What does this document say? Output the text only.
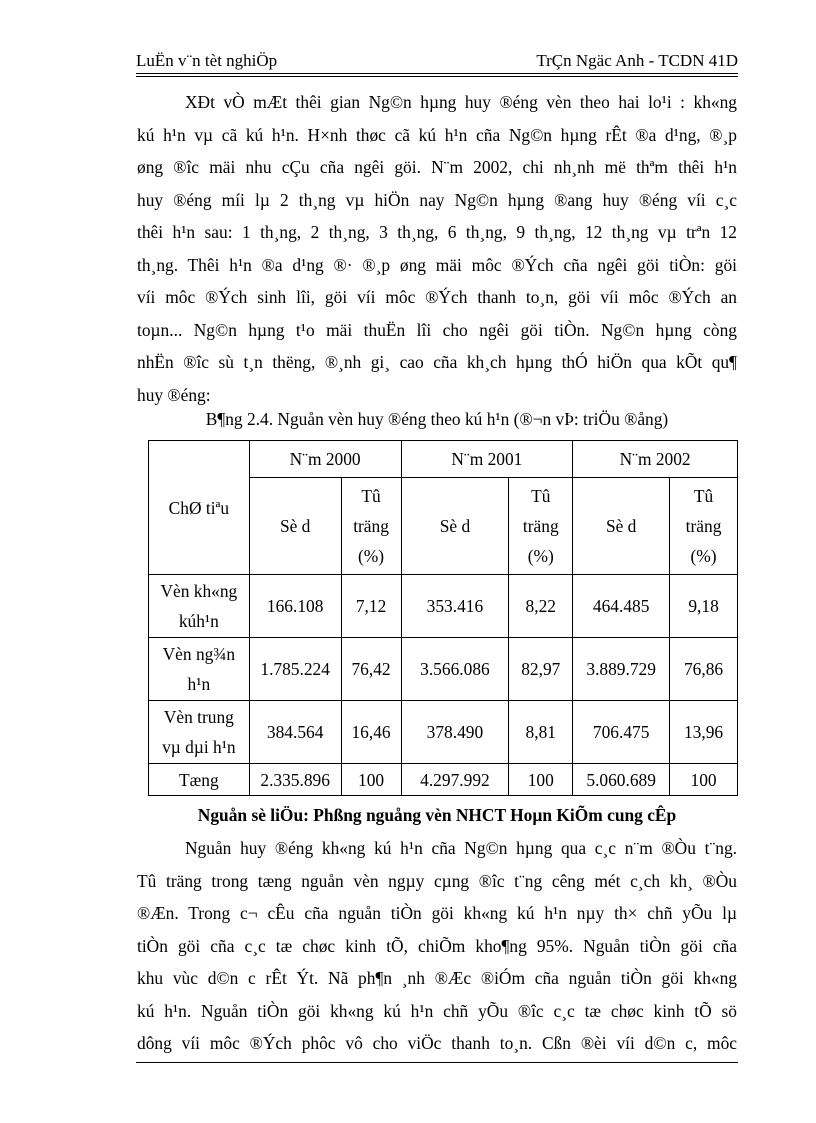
LuËn v¨n tèt nghiÖp	TrÇn Ngäc Anh - TCDN 41D

XÐt vÒ mÆt thêi gian Ng©n hµng huy ®éng vèn theo hai lo¹i : kh«ng
kú h¹n vµ cã kú h¹n. H×nh thøc cã kú h¹n cña Ng©n hµng rÊt ®a d¹ng, ®¸p
øng ®îc mäi nhu cÇu cña ngêi göi. N¨m 2002, chi nh¸nh më thªm thêi h¹n
huy ®éng míi lµ 2 th¸ng vµ hiÖn nay Ng©n hµng ®ang huy ®éng víi c¸c
thêi h¹n sau: 1 th¸ng, 2 th¸ng, 3 th¸ng, 6 th¸ng, 9 th¸ng, 12 th¸ng vµ trªn 12
th¸ng. Thêi h¹n ®a d¹ng ®· ®¸p øng mäi môc ®Ých cña ngêi göi tiÒn: göi
víi môc ®Ých sinh lîi, göi víi môc ®Ých thanh to¸n, göi víi môc ®Ých an
toµn... Ng©n hµng t¹o mäi thuËn lîi cho ngêi göi tiÒn. Ng©n hµng còng
nhËn ®îc sù t¸n thëng, ®¸nh gi¸ cao cña kh¸ch hµng thÓ hiÖn qua kÕt qu¶
huy ®éng:

B¶ng 2.4. Nguån vèn huy ®éng theo kú h¹n (®¬n vÞ: triÖu ®ång)
ChØ tiªu	N¨m 2000		N¨m 2001		N¨m 2002	
	Sè d	Tû
träng
(%)	Sè d	Tû
träng
(%)	Sè d	Tû
träng
(%)
Vèn kh«ng
kúh¹n	166.108	7,12	353.416	8,22	464.485	9,18
Vèn ng¾n
h¹n	1.785.224	76,42	3.566.086	82,97	3.889.729	76,86
Vèn trung
vµ dµi h¹n	384.564	16,46	378.490	8,81	706.475	13,96
Tæng	2.335.896	100	4.297.992	100	5.060.689	100
Nguån sè liÖu: Phßng nguång vèn NHCT Hoµn KiÕm cung cÊp

Nguån huy ®éng kh«ng kú h¹n cña Ng©n hµng qua c¸c n¨m ®Òu t¨ng.
Tû träng trong tæng nguån vèn ngµy cµng ®îc t¨ng cêng mét c¸ch kh¸ ®Òu
®Æn. Trong c¬ cÊu cña nguån tiÒn göi kh«ng kú h¹n nµy th× chñ yÕu lµ
tiÒn göi cña c¸c tæ chøc kinh tÕ, chiÕm kho¶ng 95%. Nguån tiÒn göi cña
khu vùc d©n c rÊt Ýt. Nã ph¶n ¸nh ®Æc ®iÓm cña nguån tiÒn göi kh«ng
kú h¹n. Nguån tiÒn göi kh«ng kú h¹n chñ yÕu ®îc c¸c tæ chøc kinh tÕ sö
dông víi môc ®Ých phôc vô cho viÖc thanh to¸n. Cßn ®èi víi d©n c, môc
